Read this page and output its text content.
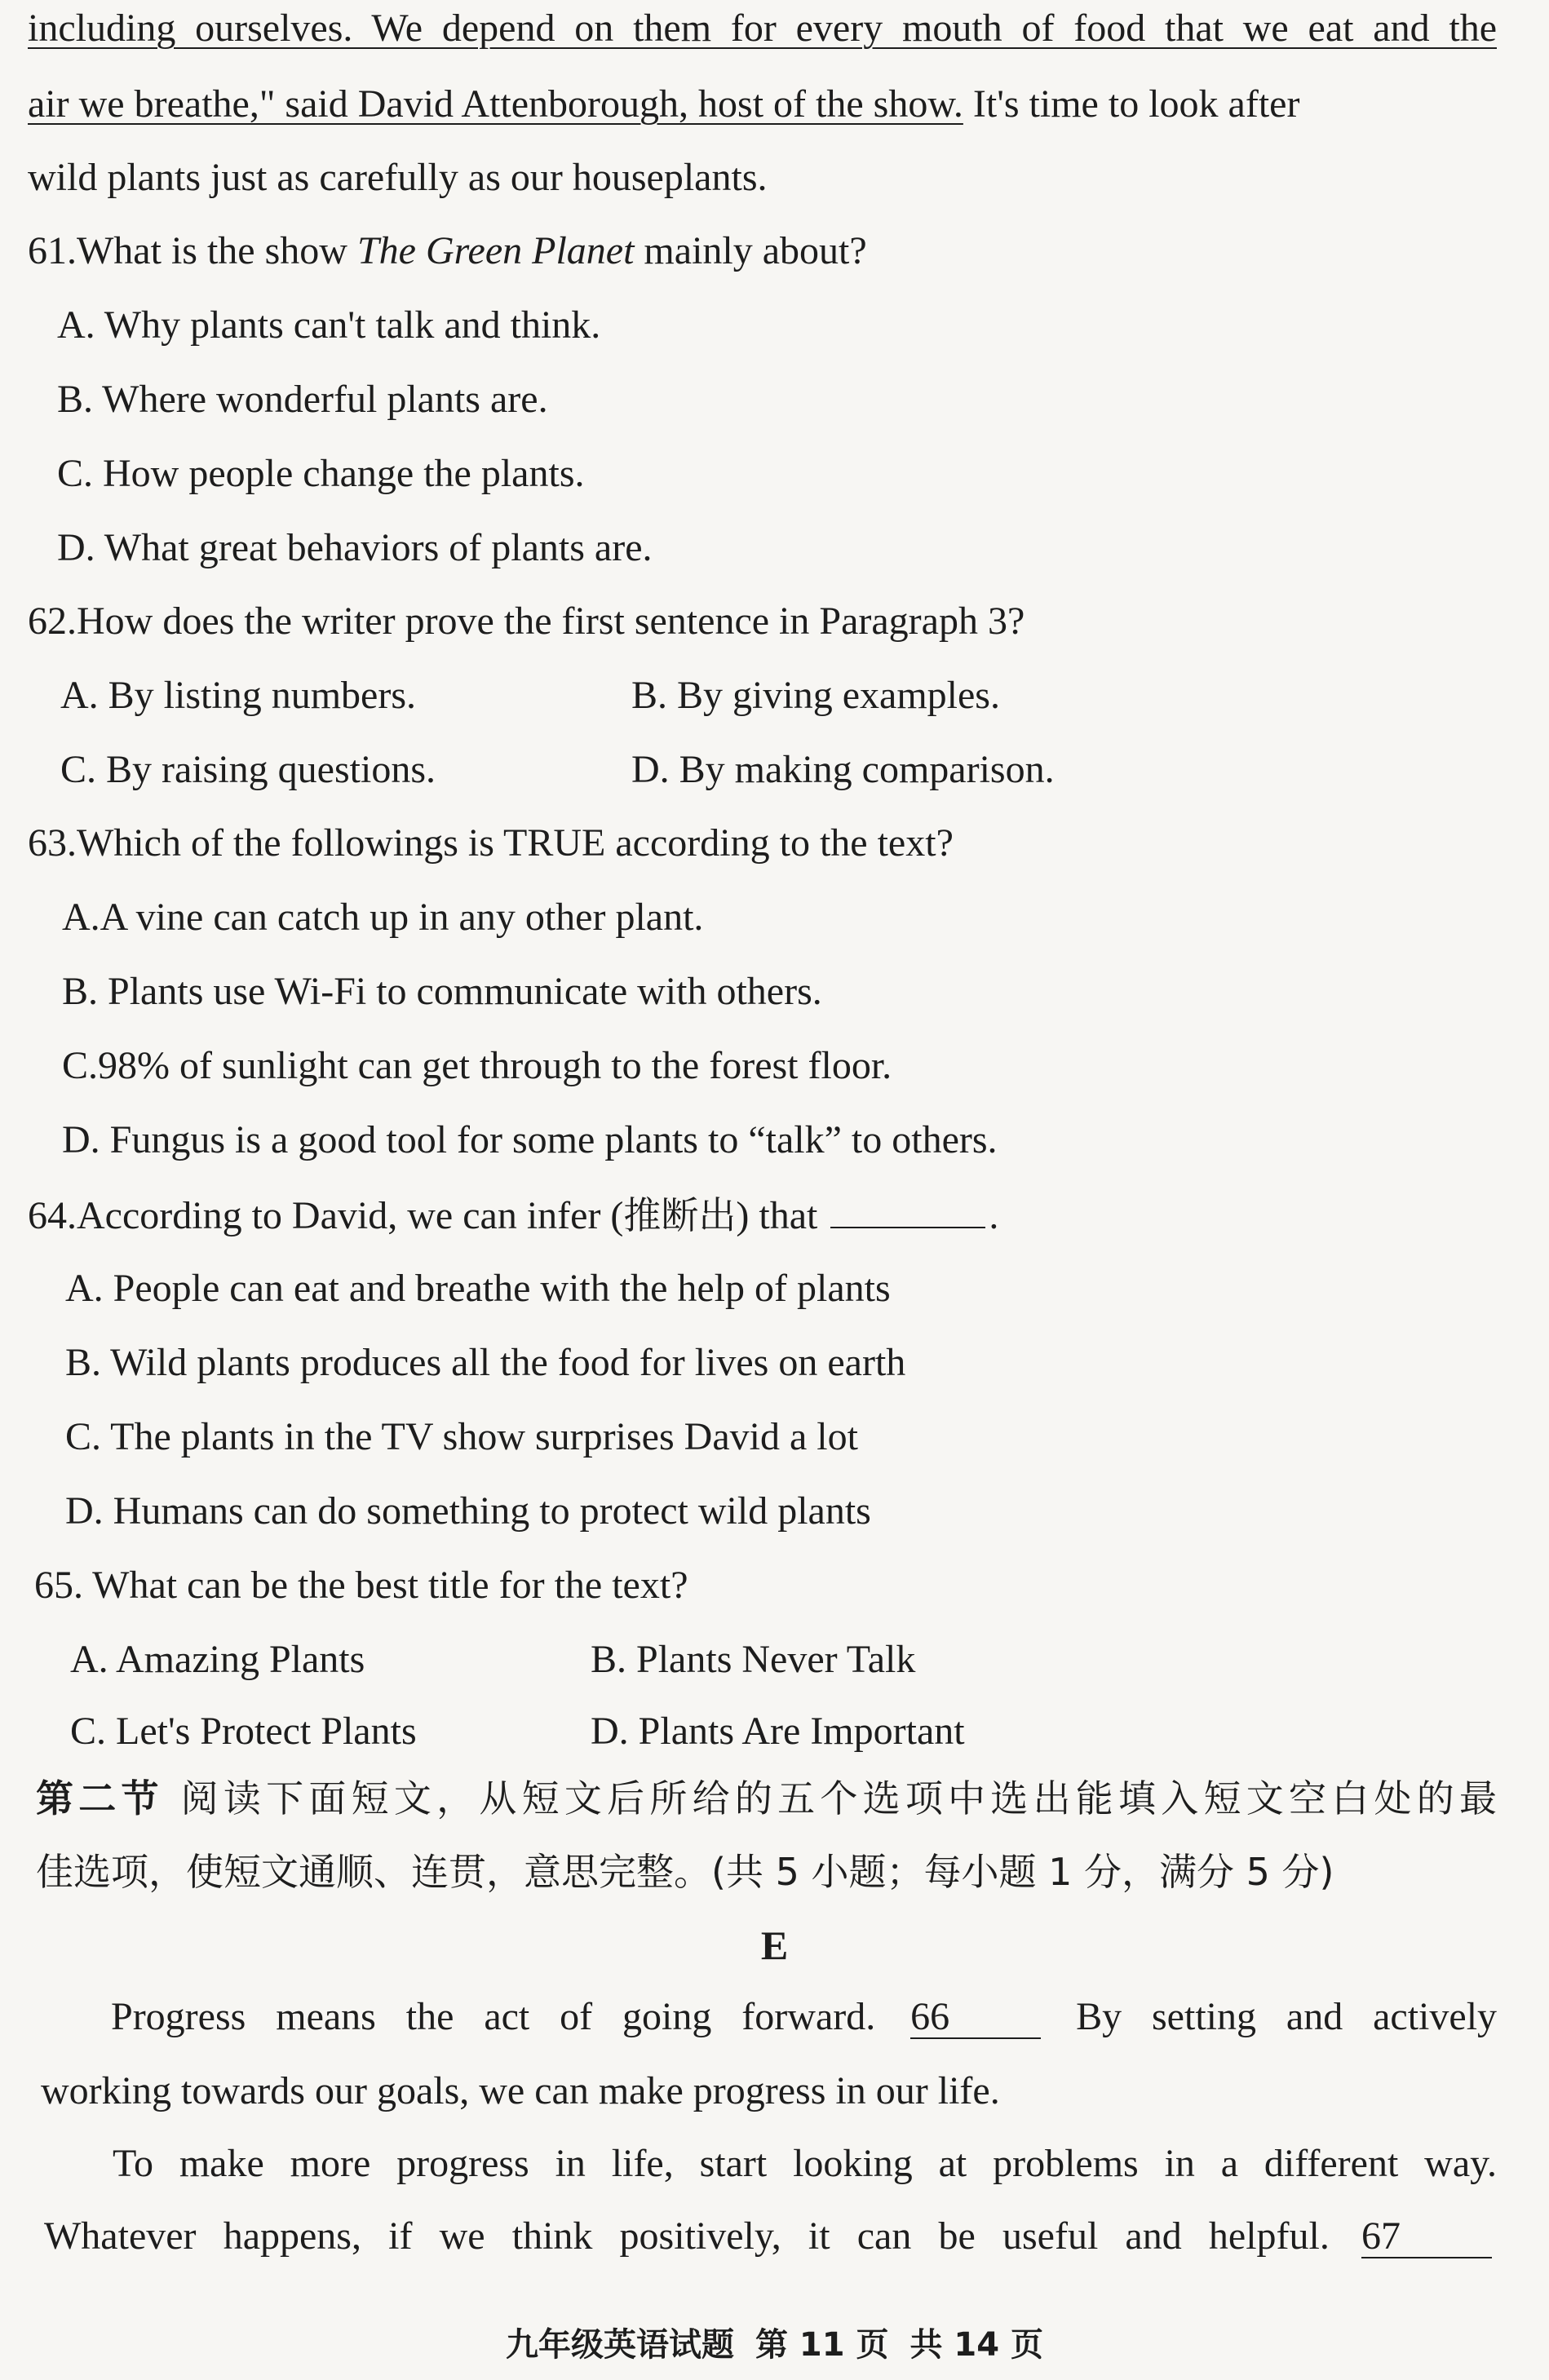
including ourselves. We depend on them for every mouth of food that we eat and the
air we breathe," said David Attenborough, host of the show. It's time to look after
wild plants just as carefully as our houseplants.
61.What is the show The Green Planet mainly about?
A. Why plants can't talk and think.
B. Where wonderful plants are.
C. How people change the plants.
D. What great behaviors of plants are.
62.How does the writer prove the first sentence in Paragraph 3?
A. By listing numbers.	B. By giving examples.
C. By raising questions.	D. By making comparison.
63.Which of the followings is TRUE according to the text?
A.A vine can catch up in any other plant.
B. Plants use Wi-Fi to communicate with others.
C.98% of sunlight can get through to the forest floor.
D. Fungus is a good tool for some plants to “talk” to others.
64.According to David, we can infer (推断出) that	.
A. People can eat and breathe with the help of plants
B. Wild plants produces all the food for lives on earth
C. The plants in the TV show surprises David a lot
D. Humans can do something to protect wild plants
65. What can be the best title for the text?
A. Amazing Plants	B. Plants Never Talk
C. Let's Protect Plants	D. Plants Are Important
第二节 阅读下面短文，从短文后所给的五个选项中选出能填入短文空白处的最
佳选项，使短文通顺、连贯，意思完整。(共 5 小题；每小题 1 分，满分 5 分)
E
Progress means the act of going forward. 66	By setting and actively
working towards our goals, we can make progress in our life.
To make more progress in life, start looking at problems in a different way.
Whatever happens, if we think positively, it can be useful and helpful. 67
九年级英语试题 第 11 页 共 14 页
